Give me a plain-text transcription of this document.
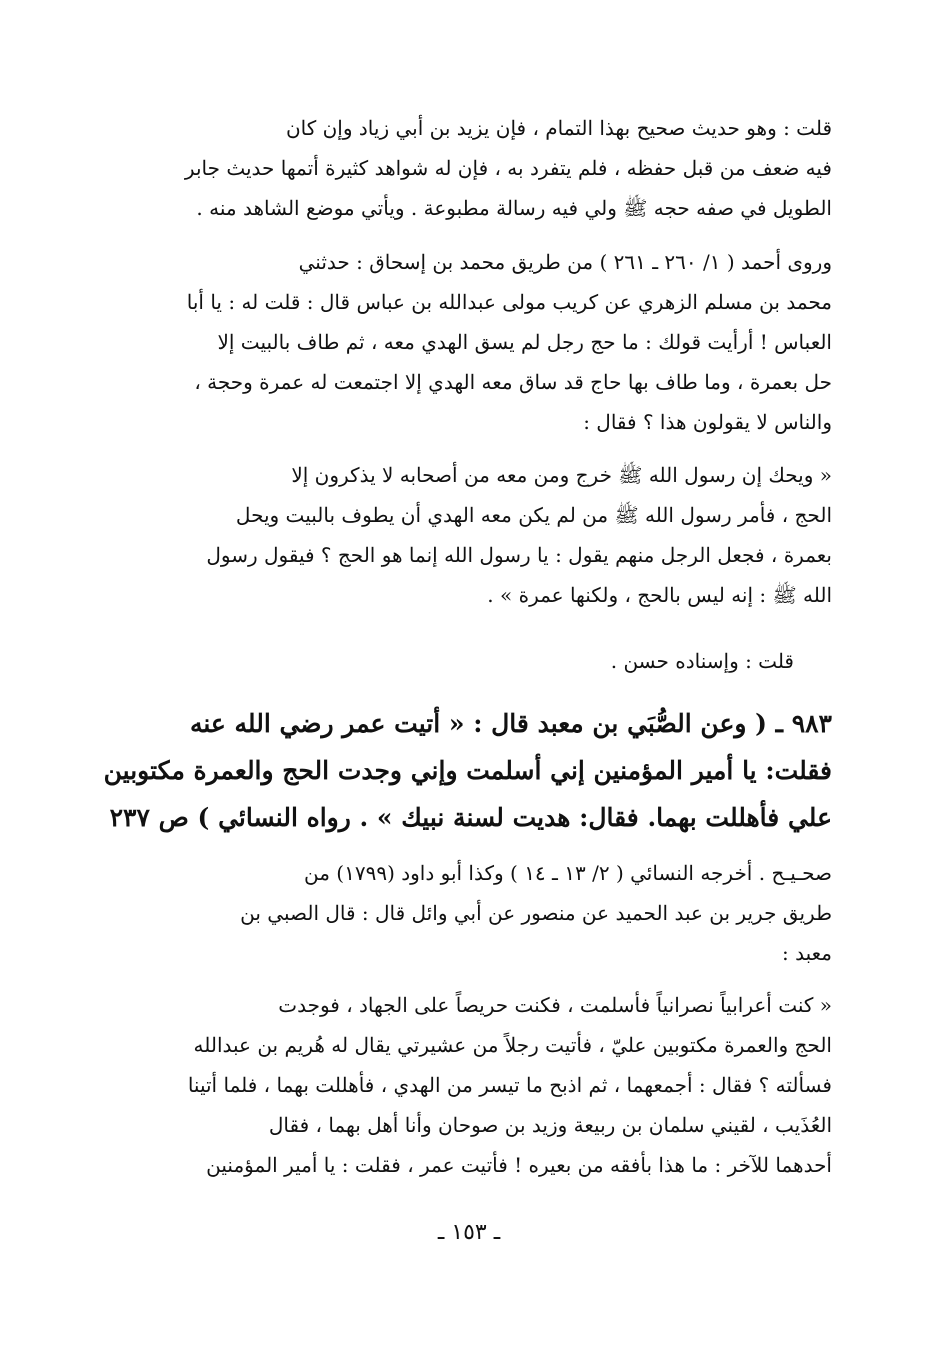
قلت : وهو حديث صحيح بهذا التمام ، فإن يزيد بن أبي زياد وإن كان
فيه ضعف من قبل حفظه ، فلم يتفرد به ، فإن له شواهد كثيرة أتمها حديث جابر
الطويل في صفه حجه ﷺ ولي فيه رسالة مطبوعة . ويأتي موضع الشاهد منه .
وروى أحمد ( ١/ ٢٦٠ ـ ٢٦١ ) من طريق محمد بن إسحاق : حدثني
محمد بن مسلم الزهري عن كريب مولى عبدالله بن عباس قال : قلت له : يا أبا
العباس ! أرأيت قولك : ما حج رجل لم يسق الهدي معه ، ثم طاف بالبيت إلا
حل بعمرة ، وما طاف بها حاج قد ساق معه الهدي إلا اجتمعت له عمرة وحجة ،
والناس لا يقولون هذا ؟ فقال :
« ويحك إن رسول الله ﷺ خرج ومن معه من أصحابه لا يذكرون إلا
الحج ، فأمر رسول الله ﷺ من لم يكن معه الهدي أن يطوف بالبيت ويحل
بعمرة ، فجعل الرجل منهم يقول : يا رسول الله إنما هو الحج ؟ فيقول رسول
الله ﷺ : إنه ليس بالحج ، ولكنها عمرة » .
قلت : وإسناده حسن .
٩٨٣ ـ ( وعن الصُّبَي بن معبد قال : « أتيت عمر رضي الله عنه
فقلت: يا أمير المؤمنين إني أسلمت وإني وجدت الحج والعمرة مكتوبين
علي فأهللت بهما. فقال: هديت لسنة نبيك » . رواه النسائي ) ص ٢٣٧
صحـيـح . أخرجه النسائي ( ٢/ ١٣ ـ ١٤ ) وكذا أبو داود (١٧٩٩) من
طريق جرير بن عبد الحميد عن منصور عن أبي وائل قال : قال الصبي بن
معبد :
« كنت أعرابياً نصرانياً فأسلمت ، فكنت حريصاً على الجهاد ، فوجدت
الحج والعمرة مكتوبين عليّ ، فأتيت رجلاً من عشيرتي يقال له هُريم بن عبدالله
فسألته ؟ فقال : أجمعهما ، ثم اذبح ما تيسر من الهدي ، فأهللت بهما ، فلما أتينا
العُذَيب ، لقيني سلمان بن ربيعة وزيد بن صوحان وأنا أهل بهما ، فقال
أحدهما للآخر : ما هذا بأفقه من بعيره ! فأتيت عمر ، فقلت : يا أمير المؤمنين
ـ ١٥٣ ـ
